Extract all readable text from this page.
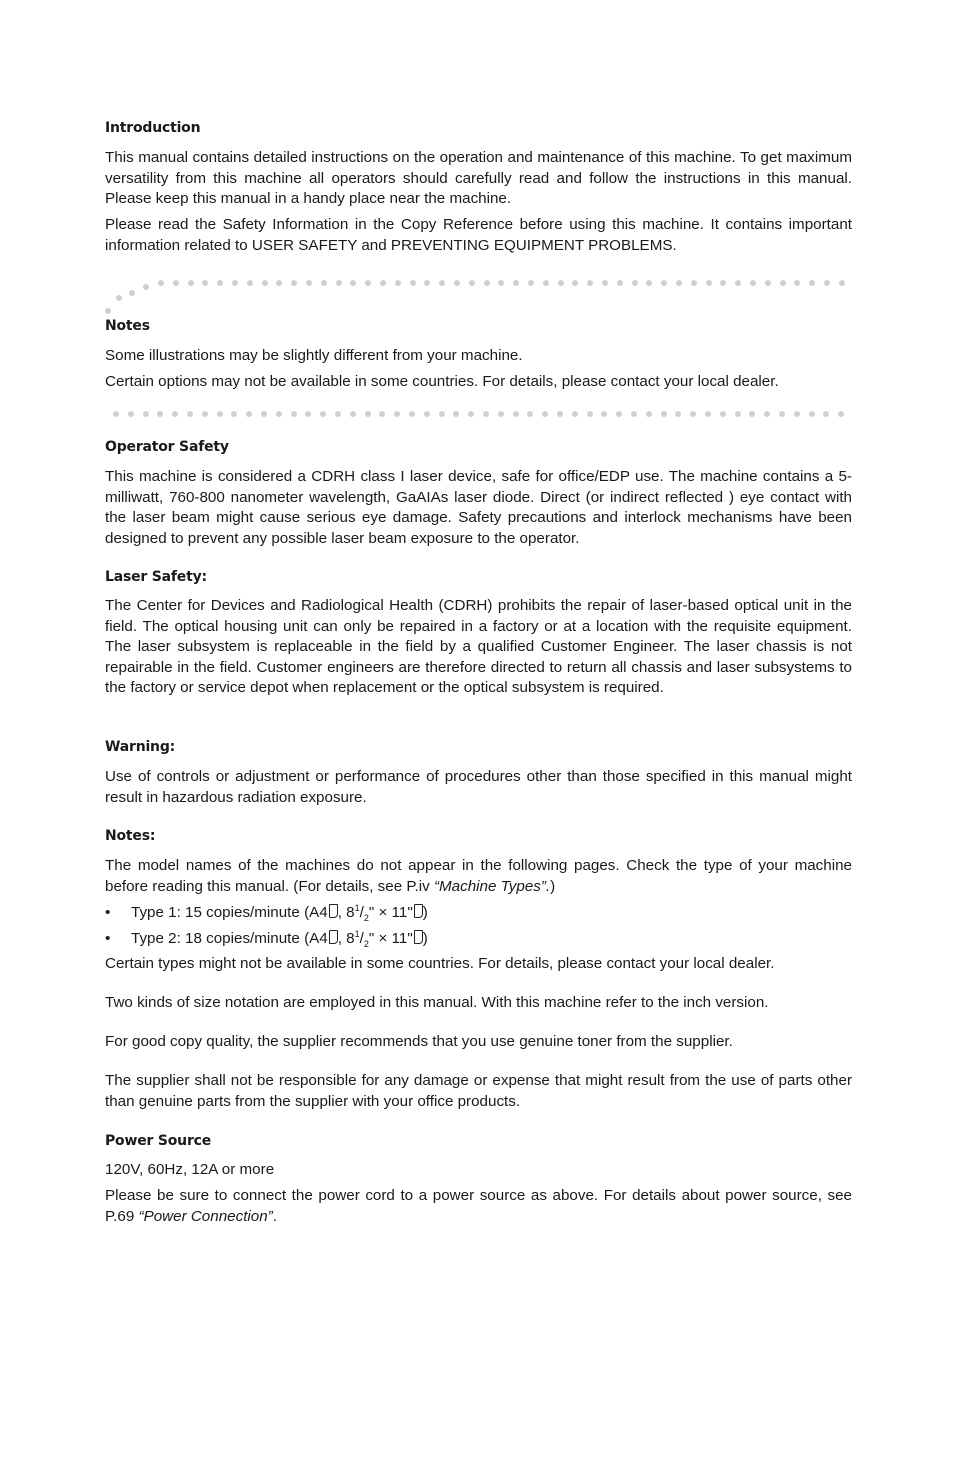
Introduction

This manual contains detailed instructions on the operation and maintenance of this machine. To get maximum versatility from this machine all operators should carefully read and follow the instructions in this manual. Please keep this manual in a handy place near the machine.

Please read the Safety Information in the Copy Reference before using this machine. It contains important information related to USER SAFETY and PREVENTING EQUIPMENT PROBLEMS.

Notes

Some illustrations may be slightly different from your machine.

Certain options may not be available in some countries. For details, please contact your local dealer.

Operator Safety

This machine is considered a CDRH class I laser device, safe for office/EDP use. The machine contains a 5-milliwatt, 760-800 nanometer wavelength, GaAIAs laser diode. Direct (or indirect reflected ) eye contact with the laser beam might cause serious eye damage. Safety precautions and interlock mechanisms have been designed to prevent any possible laser beam exposure to the operator.

Laser Safety:

The Center for Devices and Radiological Health (CDRH) prohibits the repair of laser-based optical unit in the field. The optical housing unit can only be repaired in a factory or at a location with the requisite equipment. The laser subsystem is replaceable in the field by a qualified Customer Engineer. The laser chassis is not repairable in the field. Customer engineers are therefore directed to return all chassis and laser subsystems to the factory or service depot when replacement or the optical subsystem is required.

Warning:

Use of controls or adjustment or performance of procedures other than those specified in this manual might result in hazardous radiation exposure.

Notes:

The model names of the machines do not appear in the following pages. Check the type of your machine before reading this manual. (For details, see P.iv “Machine Types”.)

• Type 1: 15 copies/minute (A4 , $8^1/_2$" × 11" )
• Type 2: 18 copies/minute (A4 , $8^1/_2$" × 11" )

Certain types might not be available in some countries. For details, please contact your local dealer.

Two kinds of size notation are employed in this manual. With this machine refer to the inch version.

For good copy quality, the supplier recommends that you use genuine toner from the supplier.

The supplier shall not be responsible for any damage or expense that might result from the use of parts other than genuine parts from the supplier with your office products.

Power Source

120V, 60Hz, 12A or more

Please be sure to connect the power cord to a power source as above. For details about power source, see P.69 “Power Connection”.
